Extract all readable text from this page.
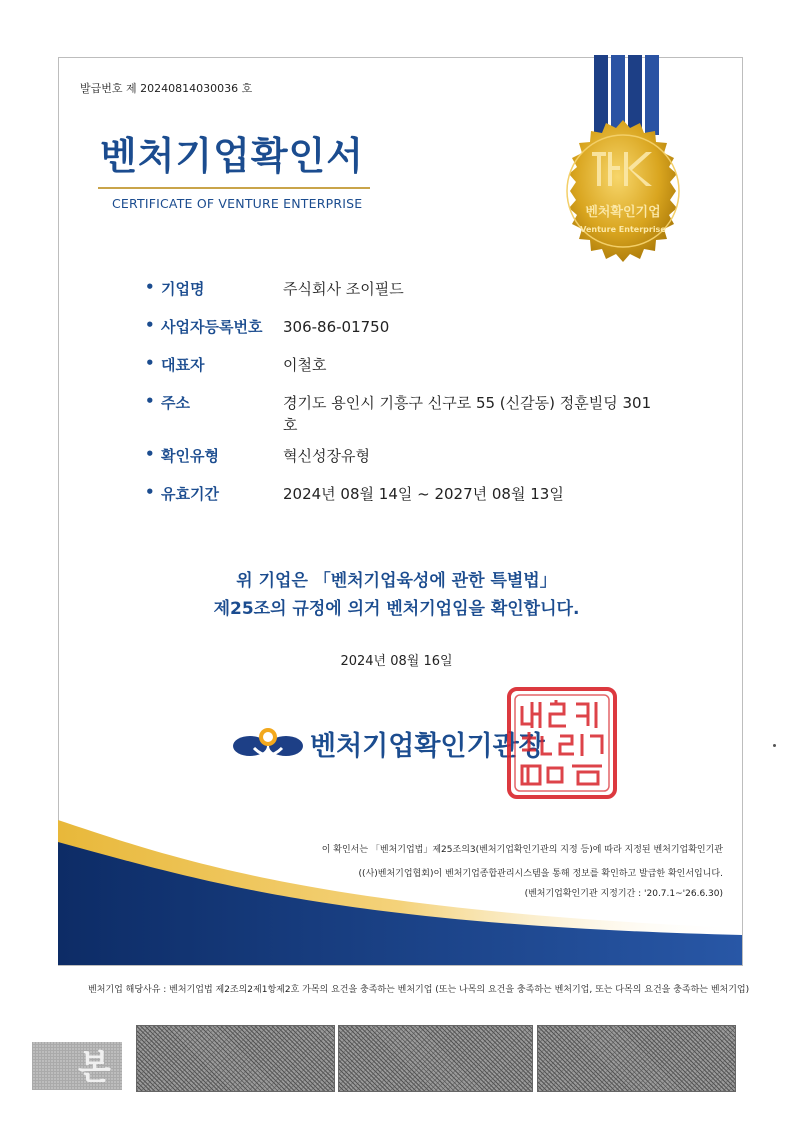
발급번호 제 20240814030036 호
벤처기업확인서
CERTIFICATE OF VENTURE ENTERPRISE
벤처확인기업
Venture Enterprise
• 기업명	주식회사 조이필드
• 사업자등록번호 306-86-01750
• 대표자	이철호
• 주소	경기도 용인시 기흥구 신구로 55 (신갈동) 정훈빌딩 301 호
• 확인유형	혁신성장유형
• 유효기간	2024년 08월 14일 ~ 2027년 08월 13일
위 기업은 「벤처기업육성에 관한 특별법」
제25조의 규정에 의거 벤처기업임을 확인합니다.
2024년 08월 16일
벤처기업확인기관장
이 확인서는 「벤처기업법」제25조의3(벤처기업확인기관의 지정 등)에 따라 지정된 벤처기업확인기관
((사)벤처기업협회)이 벤처기업종합관리시스템을 통해 정보를 확인하고 발급한 확인서입니다.
(벤처기업확인기관 지정기간 : '20.7.1~'26.6.30)
벤처기업 해당사유 : 벤처기업법 제2조의2제1항제2호 가목의 요건을 충족하는 벤처기업 (또는 나목의 요건을 충족하는 벤처기업, 또는 다목의 요건을 충족하는 벤처기업)
본
